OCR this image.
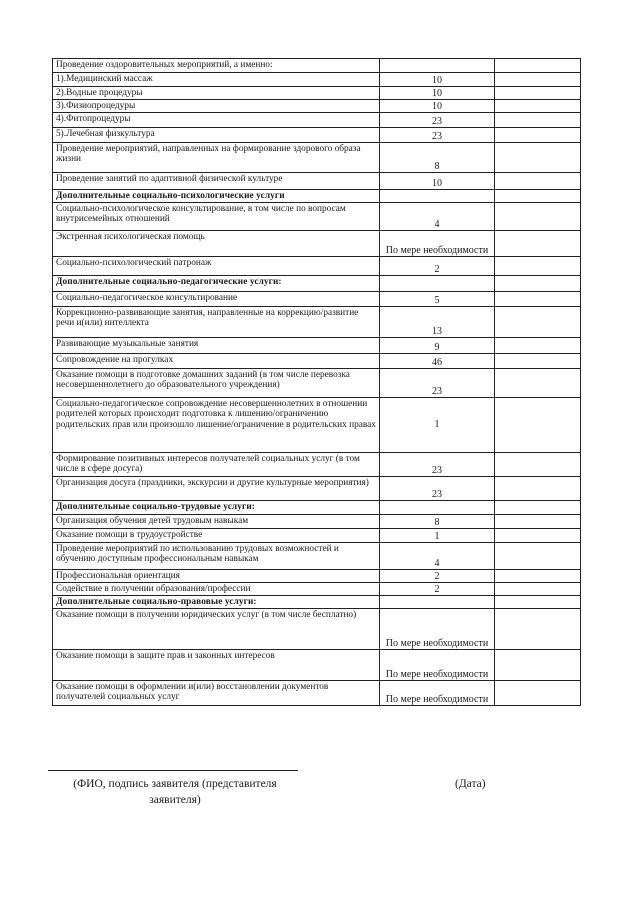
Проведение оздоровительных мероприятий, а именно:		
1).Медицинский массаж	10	
2).Водные процедуры	10	
3).Физиопроцедуры	10	
4).Фитопроцедуры	23	
5).Лечебная физкультура	23	
Проведение мероприятий, направленных на формирование здорового образа жизни	8	
Проведение занятий по адаптивной физической культуре	10	
Дополнительные социально-психологические услуги		
Социально-психологическое консультирование, в том числе по вопросам внутрисемейных отношений	4	
Экстренная психологическая помощь	По мере необходимости	
Социально-психологический патронаж	2	
Дополнительные социально-педагогические услуги:		
Социально-педагогическое консультирование	5	
Коррекционно-развивающие занятия, направленные на коррекцию/развитие речи и(или) интеллекта	13	
Развивающие музыкальные занятия	9	
Сопровождение на прогулках	46	
Оказание помощи в подготовке домашних заданий (в том числе перевозка несовершеннолетнего до образовательного учреждения)	23	
Социально-педагогическое сопровождение несовершеннолетних в отношении родителей которых происходит подготовка к лишению/ограничению родительских прав или произошло лишение/ограничение в родительских правах	1	
Формирование позитивных интересов получателей социальных услуг (в том числе в сфере досуга)	23	
Организация досуга (праздники, экскурсии и другие культурные мероприятия)	23	
Дополнительные социально-трудовые услуги:		
Организация обучения детей трудовым навыкам	8	
Оказание помощи в трудоустройстве	1	
Проведение мероприятий по использованию трудовых возможностей и обучению доступным профессиональным навыкам	4	
Профессиональная ориентация	2	
Содействие в получении образования/профессии	2	
Дополнительные социально-правовые услуги:		
Оказание помощи в получении юридических услуг (в том числе бесплатно)	По мере необходимости	
Оказание помощи в защите прав и законных интересов	По мере необходимости	
Оказание помощи в оформлении и(или) восстановлении документов получателей социальных услуг	По мере необходимости	
(ФИО, подпись заявителя (представителя заявителя)
(Дата)
